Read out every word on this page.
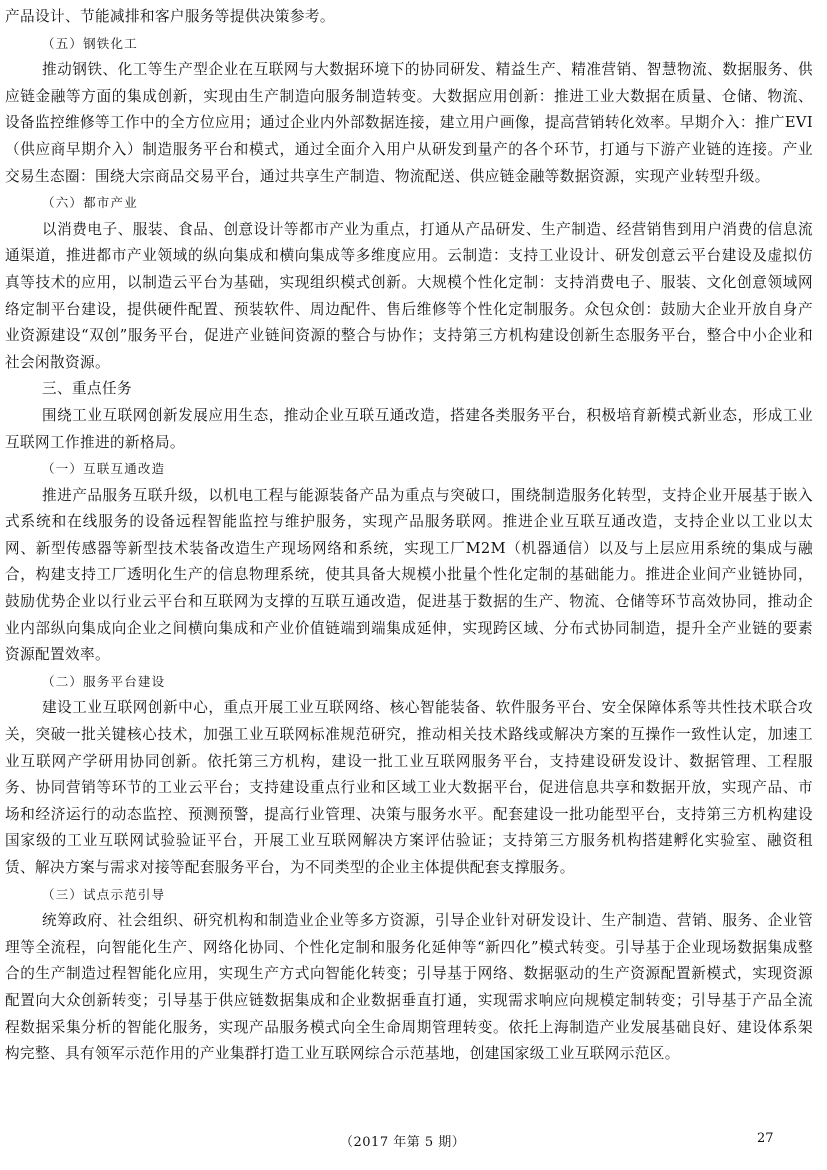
产品设计、节能减排和客户服务等提供决策参考。

（五）钢铁化工

推动钢铁、化工等生产型企业在互联网与大数据环境下的协同研发、精益生产、精准营销、智慧物流、数据服务、供应链金融等方面的集成创新，实现由生产制造向服务制造转变。大数据应用创新：推进工业大数据在质量、仓储、物流、设备监控维修等工作中的全方位应用；通过企业内外部数据连接，建立用户画像，提高营销转化效率。早期介入：推广EVI（供应商早期介入）制造服务平台和模式，通过全面介入用户从研发到量产的各个环节，打通与下游产业链的连接。产业交易生态圈：围绕大宗商品交易平台，通过共享生产制造、物流配送、供应链金融等数据资源，实现产业转型升级。

（六）都市产业

以消费电子、服装、食品、创意设计等都市产业为重点，打通从产品研发、生产制造、经营销售到用户消费的信息流通渠道，推进都市产业领域的纵向集成和横向集成等多维度应用。云制造：支持工业设计、研发创意云平台建设及虚拟仿真等技术的应用，以制造云平台为基础，实现组织模式创新。大规模个性化定制：支持消费电子、服装、文化创意领域网络定制平台建设，提供硬件配置、预装软件、周边配件、售后维修等个性化定制服务。众包众创：鼓励大企业开放自身产业资源建设“双创”服务平台，促进产业链间资源的整合与协作；支持第三方机构建设创新生态服务平台，整合中小企业和社会闲散资源。

三、重点任务

围绕工业互联网创新发展应用生态，推动企业互联互通改造，搭建各类服务平台，积极培育新模式新业态，形成工业互联网工作推进的新格局。

（一）互联互通改造

推进产品服务互联升级，以机电工程与能源装备产品为重点与突破口，围绕制造服务化转型，支持企业开展基于嵌入式系统和在线服务的设备远程智能监控与维护服务，实现产品服务联网。推进企业互联互通改造，支持企业以工业以太网、新型传感器等新型技术装备改造生产现场网络和系统，实现工厂M2M（机器通信）以及与上层应用系统的集成与融合，构建支持工厂透明化生产的信息物理系统，使其具备大规模小批量个性化定制的基础能力。推进企业间产业链协同，鼓励优势企业以行业云平台和互联网为支撑的互联互通改造，促进基于数据的生产、物流、仓储等环节高效协同，推动企业内部纵向集成向企业之间横向集成和产业价值链端到端集成延伸，实现跨区域、分布式协同制造，提升全产业链的要素资源配置效率。

（二）服务平台建设

建设工业互联网创新中心，重点开展工业互联网络、核心智能装备、软件服务平台、安全保障体系等共性技术联合攻关，突破一批关键核心技术，加强工业互联网标准规范研究，推动相关技术路线或解决方案的互操作一致性认定，加速工业互联网产学研用协同创新。依托第三方机构，建设一批工业互联网服务平台，支持建设研发设计、数据管理、工程服务、协同营销等环节的工业云平台；支持建设重点行业和区域工业大数据平台，促进信息共享和数据开放，实现产品、市场和经济运行的动态监控、预测预警，提高行业管理、决策与服务水平。配套建设一批功能型平台，支持第三方机构建设国家级的工业互联网试验验证平台，开展工业互联网解决方案评估验证；支持第三方服务机构搭建孵化实验室、融资租赁、解决方案与需求对接等配套服务平台，为不同类型的企业主体提供配套支撑服务。

（三）试点示范引导

统筹政府、社会组织、研究机构和制造业企业等多方资源，引导企业针对研发设计、生产制造、营销、服务、企业管理等全流程，向智能化生产、网络化协同、个性化定制和服务化延伸等“新四化”模式转变。引导基于企业现场数据集成整合的生产制造过程智能化应用，实现生产方式向智能化转变；引导基于网络、数据驱动的生产资源配置新模式，实现资源配置向大众创新转变；引导基于供应链数据集成和企业数据垂直打通，实现需求响应向规模定制转变；引导基于产品全流程数据采集分析的智能化服务，实现产品服务模式向全生命周期管理转变。依托上海制造产业发展基础良好、建设体系架构完整、具有领军示范作用的产业集群打造工业互联网综合示范基地，创建国家级工业互联网示范区。

（2017 年第 5 期）	27
